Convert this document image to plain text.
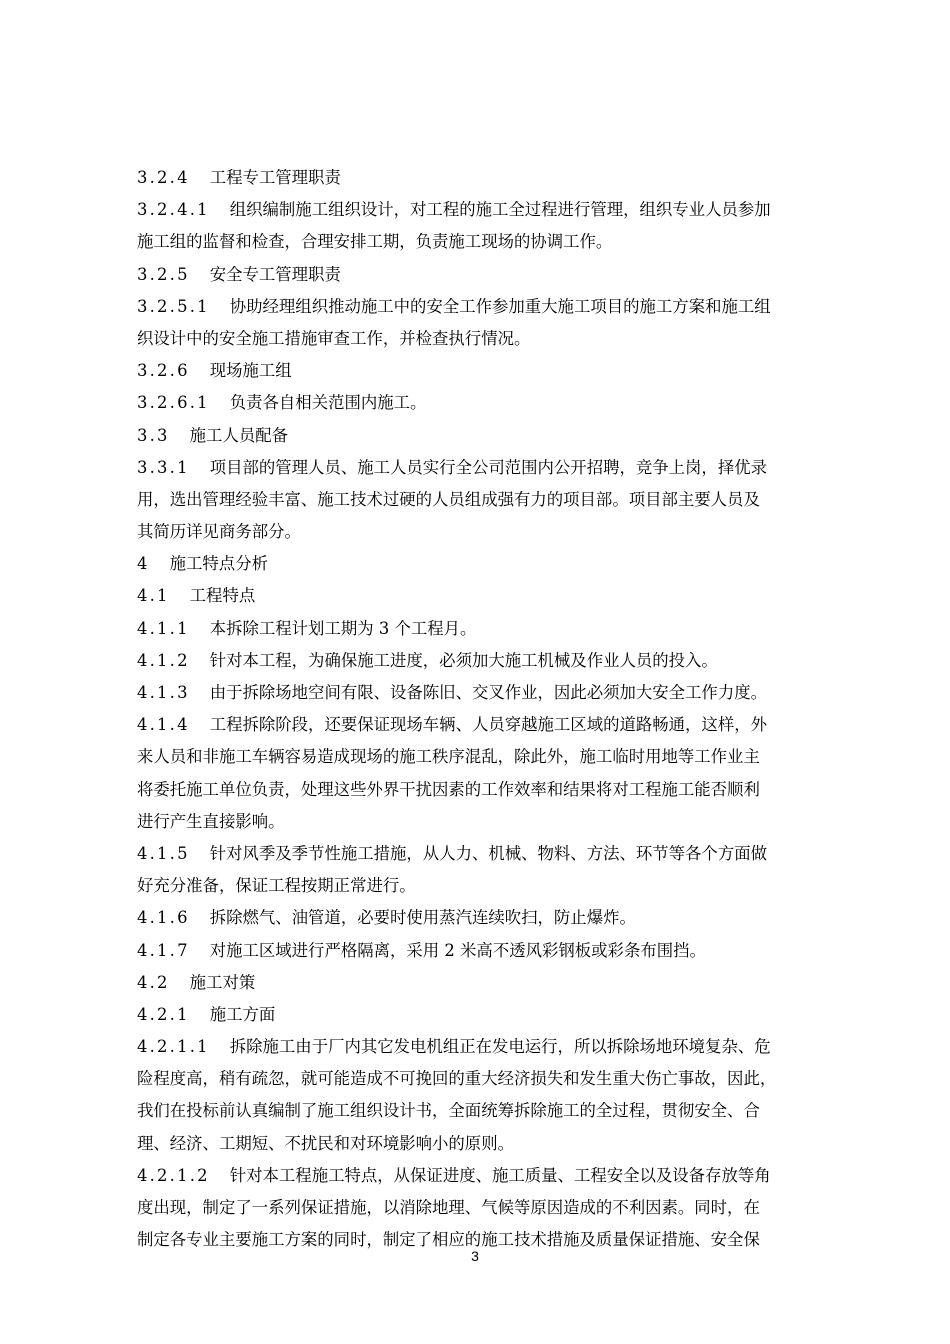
3.2.4 工程专工管理职责
3.2.4.1 组织编制施工组织设计，对工程的施工全过程进行管理，组织专业人员参加
施工组的监督和检查，合理安排工期，负责施工现场的协调工作。
3.2.5 安全专工管理职责
3.2.5.1 协助经理组织推动施工中的安全工作参加重大施工项目的施工方案和施工组
织设计中的安全施工措施审查工作，并检查执行情况。
3.2.6 现场施工组
3.2.6.1 负责各自相关范围内施工。
3.3 施工人员配备
3.3.1 项目部的管理人员、施工人员实行全公司范围内公开招聘，竞争上岗，择优录
用，选出管理经验丰富、施工技术过硬的人员组成强有力的项目部。项目部主要人员及
其简历详见商务部分。
4 施工特点分析
4.1 工程特点
4.1.1 本拆除工程计划工期为 3 个工程月。
4.1.2 针对本工程，为确保施工进度，必须加大施工机械及作业人员的投入。
4.1.3 由于拆除场地空间有限、设备陈旧、交叉作业，因此必须加大安全工作力度。
4.1.4 工程拆除阶段，还要保证现场车辆、人员穿越施工区域的道路畅通，这样，外
来人员和非施工车辆容易造成现场的施工秩序混乱，除此外，施工临时用地等工作业主
将委托施工单位负责，处理这些外界干扰因素的工作效率和结果将对工程施工能否顺利
进行产生直接影响。
4.1.5 针对风季及季节性施工措施，从人力、机械、物料、方法、环节等各个方面做
好充分准备，保证工程按期正常进行。
4.1.6 拆除燃气、油管道，必要时使用蒸汽连续吹扫，防止爆炸。
4.1.7 对施工区域进行严格隔离，采用 2 米高不透风彩钢板或彩条布围挡。
4.2 施工对策
4.2.1 施工方面
4.2.1.1 拆除施工由于厂内其它发电机组正在发电运行，所以拆除场地环境复杂、危
险程度高，稍有疏忽，就可能造成不可挽回的重大经济损失和发生重大伤亡事故，因此，
我们在投标前认真编制了施工组织设计书，全面统筹拆除施工的全过程，贯彻安全、合
理、经济、工期短、不扰民和对环境影响小的原则。
4.2.1.2 针对本工程施工特点，从保证进度、施工质量、工程安全以及设备存放等角
度出现，制定了一系列保证措施，以消除地理、气候等原因造成的不利因素。同时，在
制定各专业主要施工方案的同时，制定了相应的施工技术措施及质量保证措施、安全保
3
